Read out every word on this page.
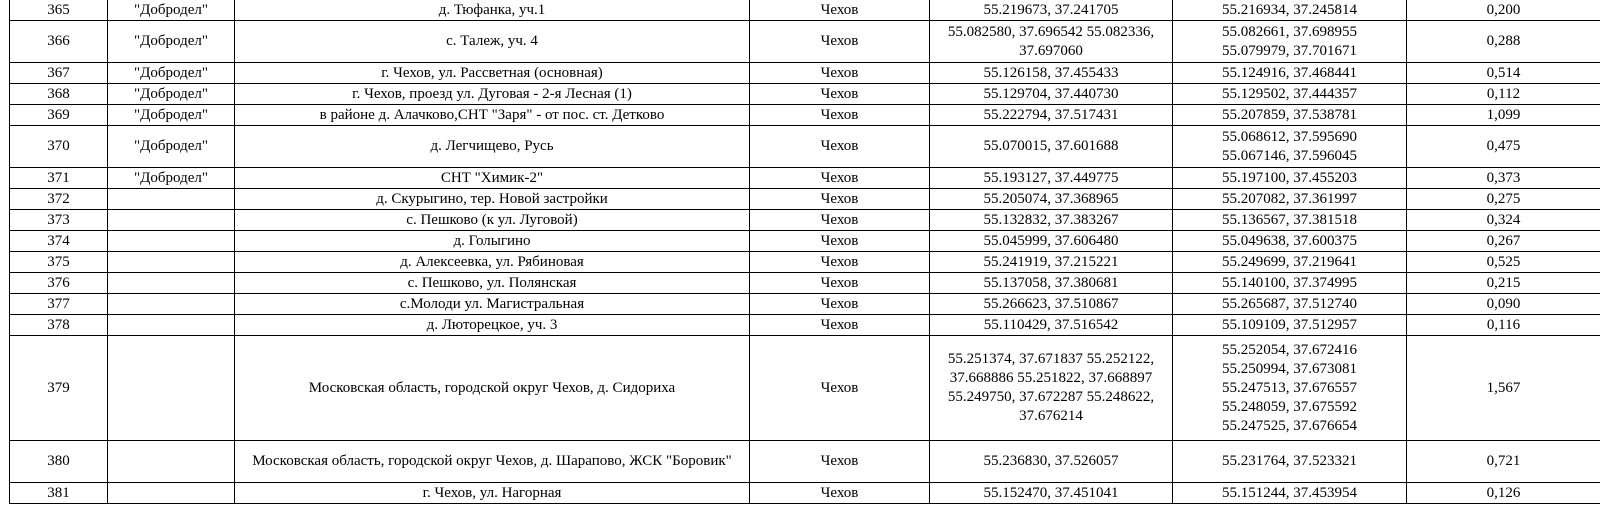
365	"Добродел"	д. Тюфанка, уч.1	Чехов	55.219673, 37.241705	55.216934, 37.245814	0,200
366	"Добродел"	с. Талеж, уч. 4	Чехов	55.082580, 37.696542 55.082336,
37.697060	55.082661, 37.698955
55.079979, 37.701671	0,288
367	"Добродел"	г. Чехов, ул. Рассветная (основная)	Чехов	55.126158, 37.455433	55.124916, 37.468441	0,514
368	"Добродел"	г. Чехов, проезд ул. Дуговая - 2-я Лесная (1)	Чехов	55.129704, 37.440730	55.129502, 37.444357	0,112
369	"Добродел"	в районе д. Алачково,СНТ "Заря" - от пос. ст. Детково	Чехов	55.222794, 37.517431	55.207859, 37.538781	1,099
370	"Добродел"	д. Легчищево, Русь	Чехов	55.070015, 37.601688	55.068612, 37.595690
55.067146, 37.596045	0,475
371	"Добродел"	СНТ "Химик-2"	Чехов	55.193127, 37.449775	55.197100, 37.455203	0,373
372		д. Скурыгино, тер. Новой застройки	Чехов	55.205074, 37.368965	55.207082, 37.361997	0,275
373		с. Пешково (к ул. Луговой)	Чехов	55.132832, 37.383267	55.136567, 37.381518	0,324
374		д. Голыгино	Чехов	55.045999, 37.606480	55.049638, 37.600375	0,267
375		д. Алексеевка, ул. Рябиновая	Чехов	55.241919, 37.215221	55.249699, 37.219641	0,525
376		с. Пешково, ул. Полянская	Чехов	55.137058, 37.380681	55.140100, 37.374995	0,215
377		с.Молоди ул. Магистральная	Чехов	55.266623, 37.510867	55.265687, 37.512740	0,090
378		д. Люторецкое, уч. 3	Чехов	55.110429, 37.516542	55.109109, 37.512957	0,116
379		Московская область, городской округ Чехов, д. Сидориха	Чехов	55.251374, 37.671837 55.252122,
37.668886 55.251822, 37.668897
55.249750, 37.672287 55.248622,
37.676214	55.252054, 37.672416
55.250994, 37.673081
55.247513, 37.676557
55.248059, 37.675592
55.247525, 37.676654	1,567
380		Московская область, городской округ Чехов, д. Шарапово, ЖСК "Боровик"	Чехов	55.236830, 37.526057	55.231764, 37.523321	0,721
381		г. Чехов, ул. Нагорная	Чехов	55.152470, 37.451041	55.151244, 37.453954	0,126
